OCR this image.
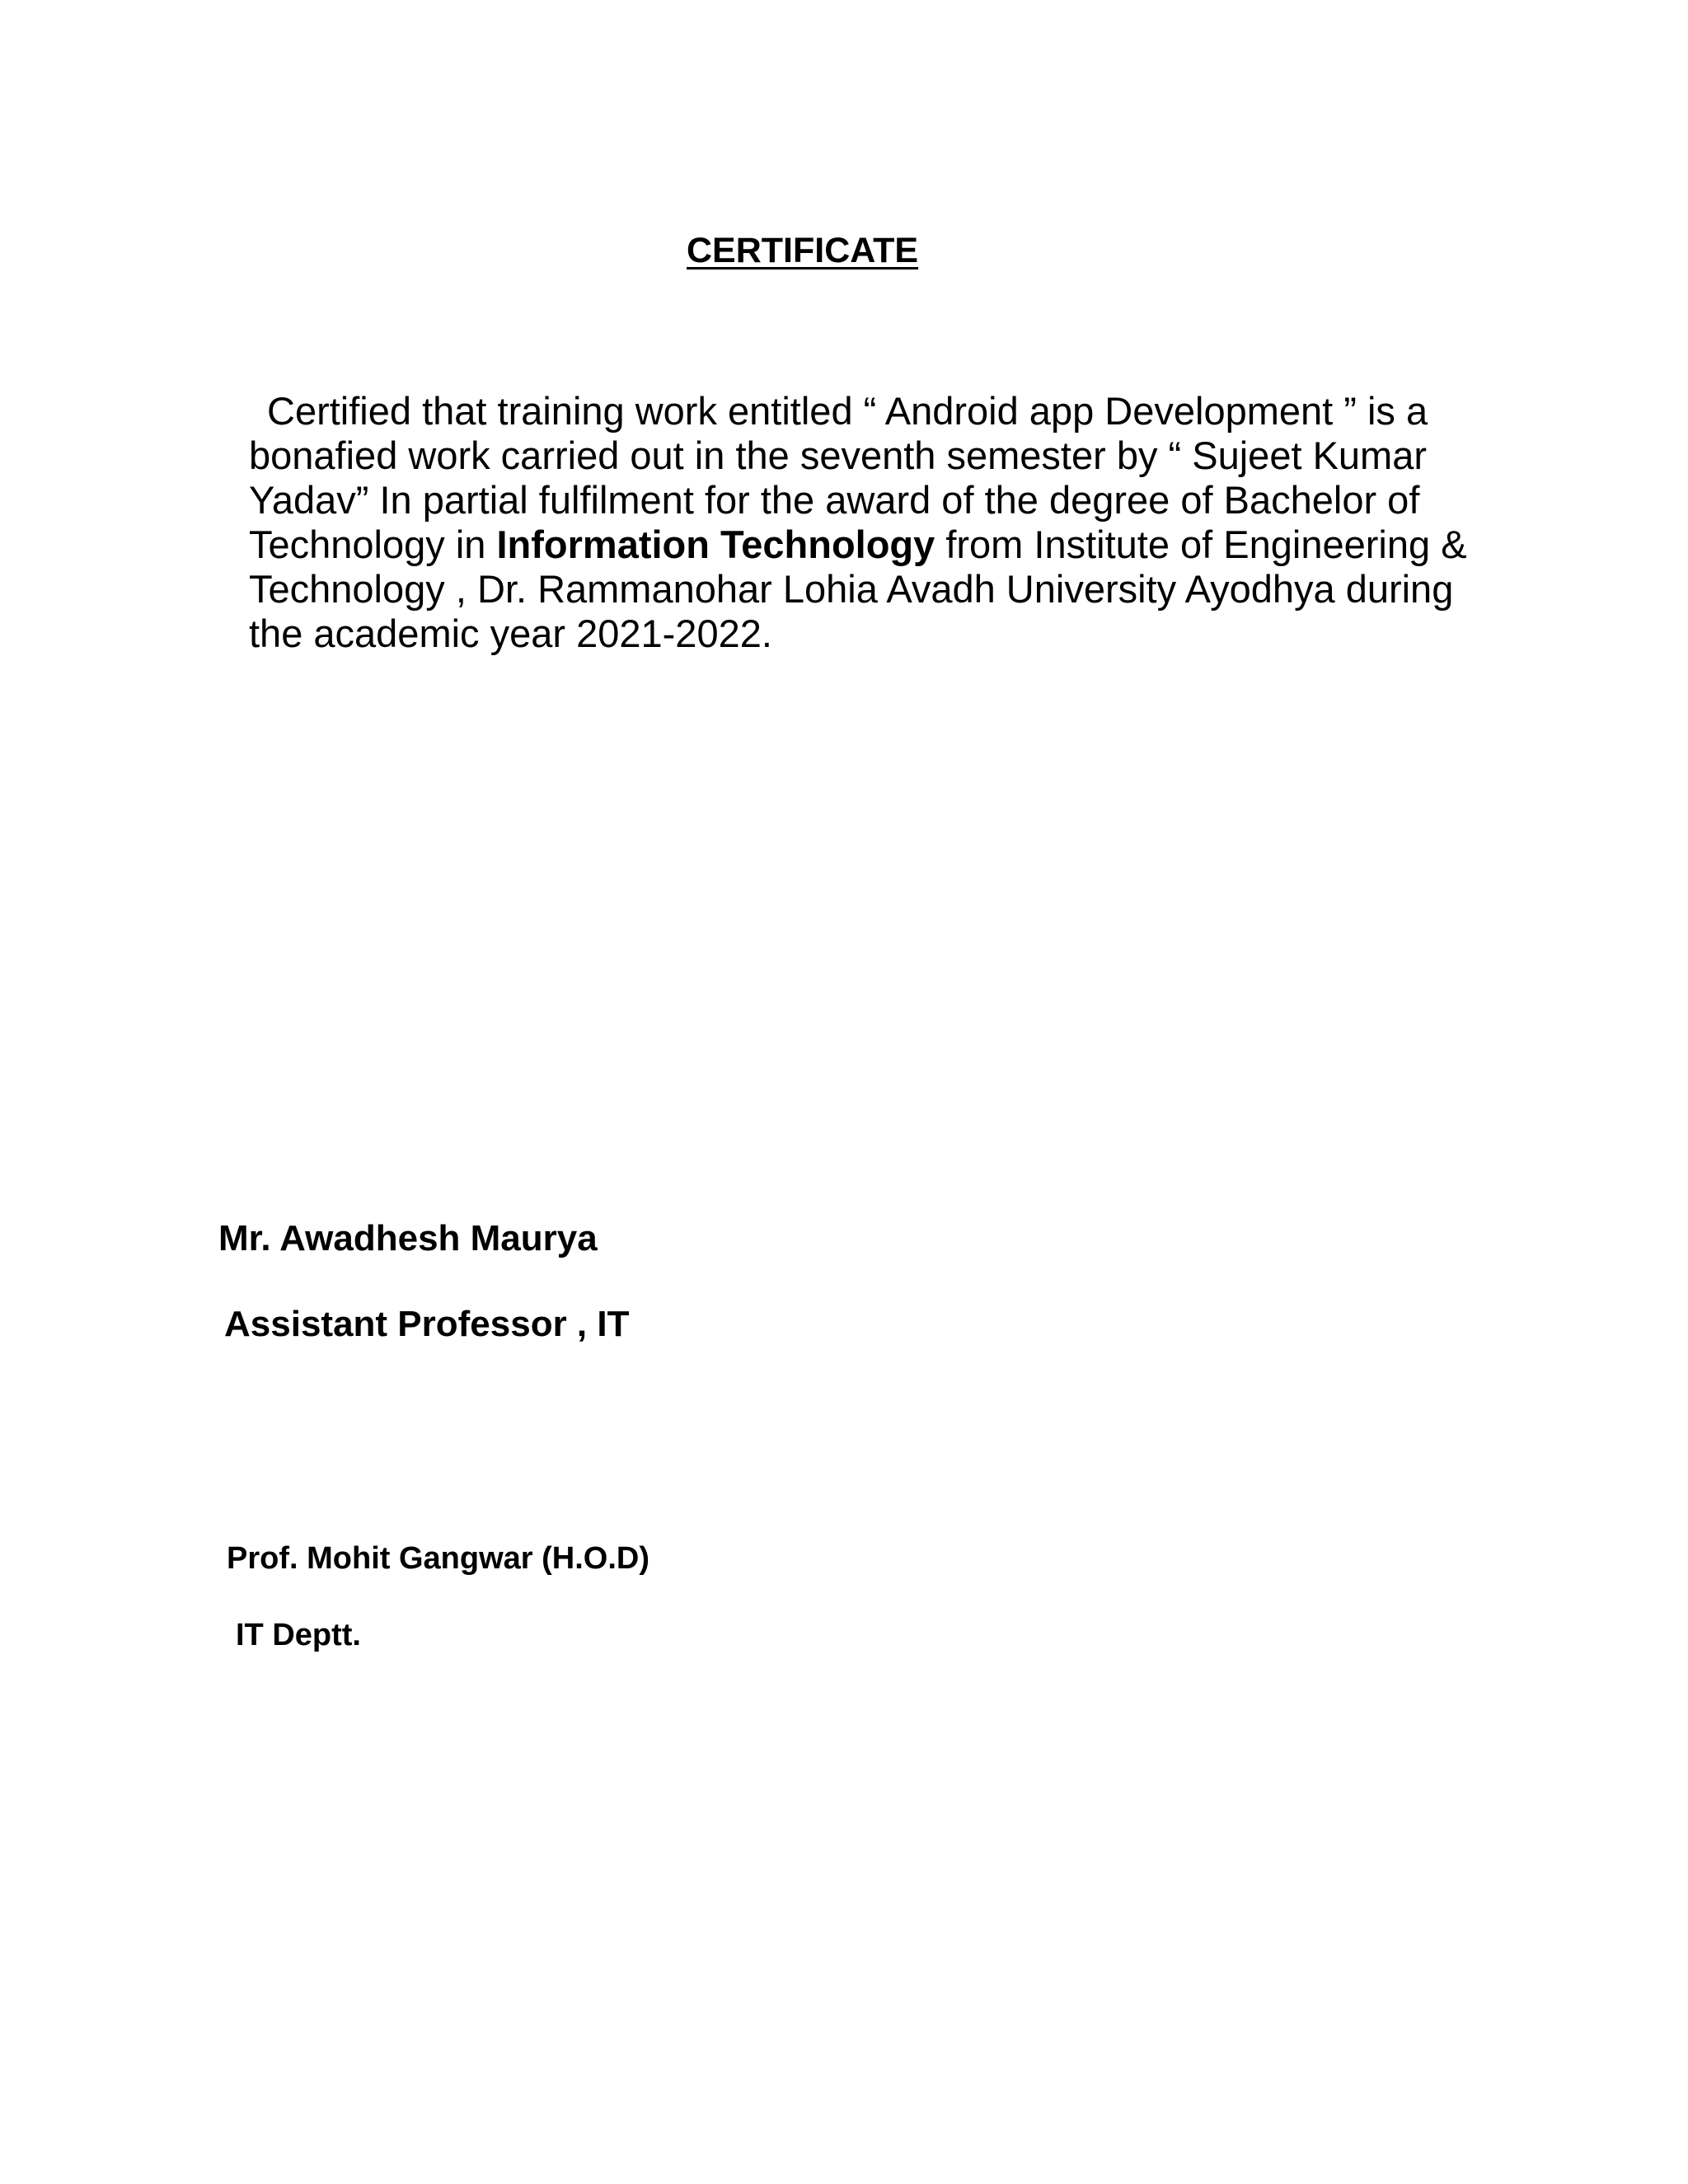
CERTIFICATE
Certified that training work entitled “ Android app Development ” is a
bonafied work carried out in the seventh semester by “ Sujeet Kumar
Yadav” In partial fulfilment for the award of the degree of Bachelor of
Technology in Information Technology from Institute of Engineering &
Technology , Dr. Rammanohar Lohia Avadh University Ayodhya during
the academic year 2021-2022.
Mr. Awadhesh Maurya
Assistant Professor , IT
Prof. Mohit Gangwar (H.O.D)
IT Deptt.
